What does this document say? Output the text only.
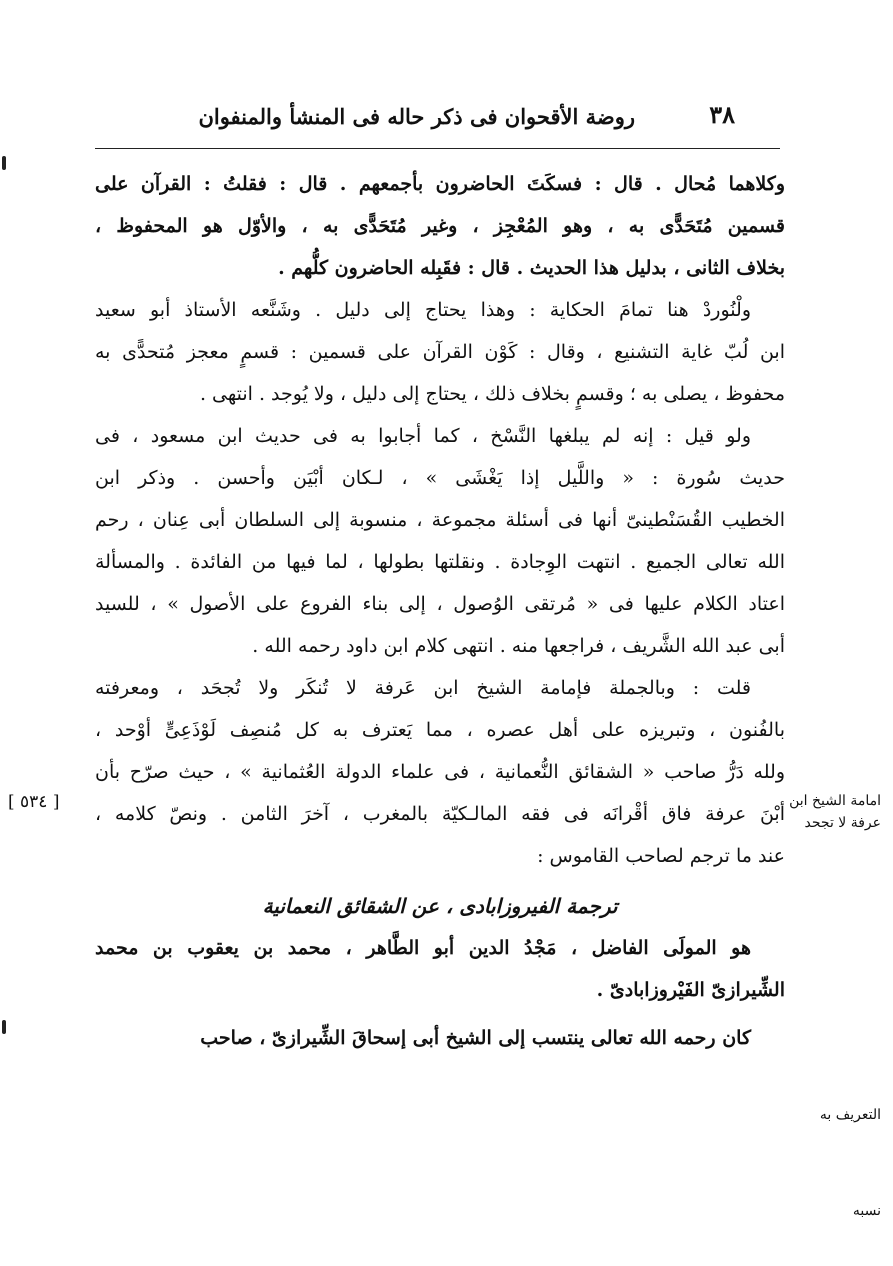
٣٨
روضة الأقحوان فى ذكر حاله فى المنشأ والمنفوان
وكلاهما مُحال . قال : فسكَتَ الحاضرون بأجمعهم . قال : فقلتُ : القرآن على
قسمين مُتَحَدًّى به ، وهو المُعْجِز ، وغير مُتَحَدًّى به ، والأوّل هو المحفوظ ،
بخلاف الثانى ، بدليل هذا الحديث . قال : فقَبِله الحاضرون كلُّهم .
ولْنُوردْ هنا تمامَ الحكاية : وهذا يحتاج إلى دليل . وشَنَّعه الأستاذ أبو سعيد
ابن لُبّ غاية التشنيع ، وقال : كَوْن القرآن على قسمين : قسمٍ معجز مُتحدًّى به
محفوظ ، يصلى به ؛ وقسمٍ بخلاف ذلك ، يحتاج إلى دليل ، ولا يُوجد . انتهى .
ولو قيل : إنه لم يبلغها النَّسْخ ، كما أجابوا به فى حديث ابن مسعود ، فى
حديث سُورة : « واللَّيل إذا يَغْشَى » ، لـكان أبْيَن وأحسن . وذكر ابن
الخطيب القُسَنْطينىّ أنها فى أسئلة مجموعة ، منسوبة إلى السلطان أبى عِنان ، رحم
الله تعالى الجميع . انتهت الوِجادة . ونقلتها بطولها ، لما فيها من الفائدة . والمسألة
اعتاد الكلام عليها فى « مُرتقى الوُصول ، إلى بناء الفروع على الأصول » ، للسيد
أبى عبد الله الشَّريف ، فراجعها منه . انتهى كلام ابن داود رحمه الله .
قلت : وبالجملة فإمامة الشيخ ابن عَرفة لا تُنكَر ولا تُجحَد ، ومعرفته
بالفُنون ، وتبريزه على أهل عصره ، مما يَعترف به كل مُنصِف لَوْذَعِىٍّ أوْحد ،
ولله دَرُّ صاحب « الشقائق النُّعمانية ، فى علماء الدولة العُثمانية » ، حيث صرّح بأن
أبْنَ عرفة فاق أقْرانَه فى فقه المالـكيّة بالمغرب ، آخرَ الثامن . ونصّ كلامه ،
عند ما ترجم لصاحب القاموس :
ترجمة الفيروزابادى ، عن الشقائق النعمانية
هو المولَى الفاضل ، مَجْدُ الدين أبو الطَّاهر ، محمد بن يعقوب بن محمد
الشِّيرازىّ الفَيْروزابادىّ .
كان رحمه الله تعالى ينتسب إلى الشيخ أبى إسحاقَ الشِّيرازىّ ، صاحب
امامة الشيخ ابن
عرفة لا تجحد
التعريف به
نسبه
[ ٥٣٤ ]
